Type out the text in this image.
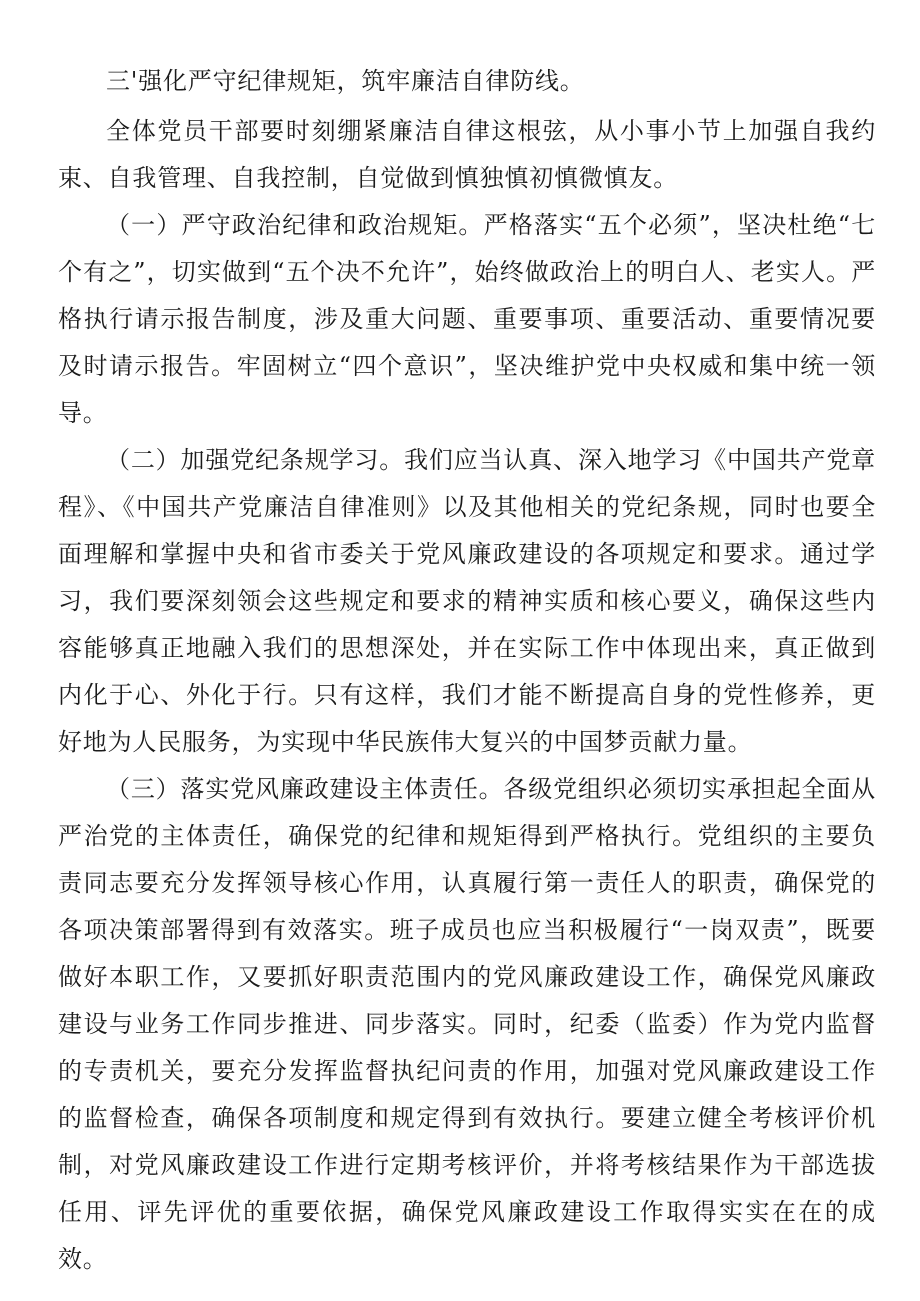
三'强化严守纪律规矩，筑牢廉洁自律防线。

全体党员干部要时刻绷紧廉洁自律这根弦，从小事小节上加强自我约束、自我管理、自我控制，自觉做到慎独慎初慎微慎友。

（一）严守政治纪律和政治规矩。严格落实“五个必须”，坚决杜绝“七个有之”，切实做到“五个决不允许”，始终做政治上的明白人、老实人。严格执行请示报告制度，涉及重大问题、重要事项、重要活动、重要情况要及时请示报告。牢固树立“四个意识”，坚决维护党中央权威和集中统一领导。

（二）加强党纪条规学习。我们应当认真、深入地学习《中国共产党章程》、《中国共产党廉洁自律准则》以及其他相关的党纪条规，同时也要全面理解和掌握中央和省市委关于党风廉政建设的各项规定和要求。通过学习，我们要深刻领会这些规定和要求的精神实质和核心要义，确保这些内容能够真正地融入我们的思想深处，并在实际工作中体现出来，真正做到内化于心、外化于行。只有这样，我们才能不断提高自身的党性修养，更好地为人民服务，为实现中华民族伟大复兴的中国梦贡献力量。

（三）落实党风廉政建设主体责任。各级党组织必须切实承担起全面从严治党的主体责任，确保党的纪律和规矩得到严格执行。党组织的主要负责同志要充分发挥领导核心作用，认真履行第一责任人的职责，确保党的各项决策部署得到有效落实。班子成员也应当积极履行“一岗双责”，既要做好本职工作，又要抓好职责范围内的党风廉政建设工作，确保党风廉政建设与业务工作同步推进、同步落实。同时，纪委（监委）作为党内监督的专责机关，要充分发挥监督执纪问责的作用，加强对党风廉政建设工作的监督检查，确保各项制度和规定得到有效执行。要建立健全考核评价机制，对党风廉政建设工作进行定期考核评价，并将考核结果作为干部选拔任用、评先评优的重要依据，确保党风廉政建设工作取得实实在在的成效。
